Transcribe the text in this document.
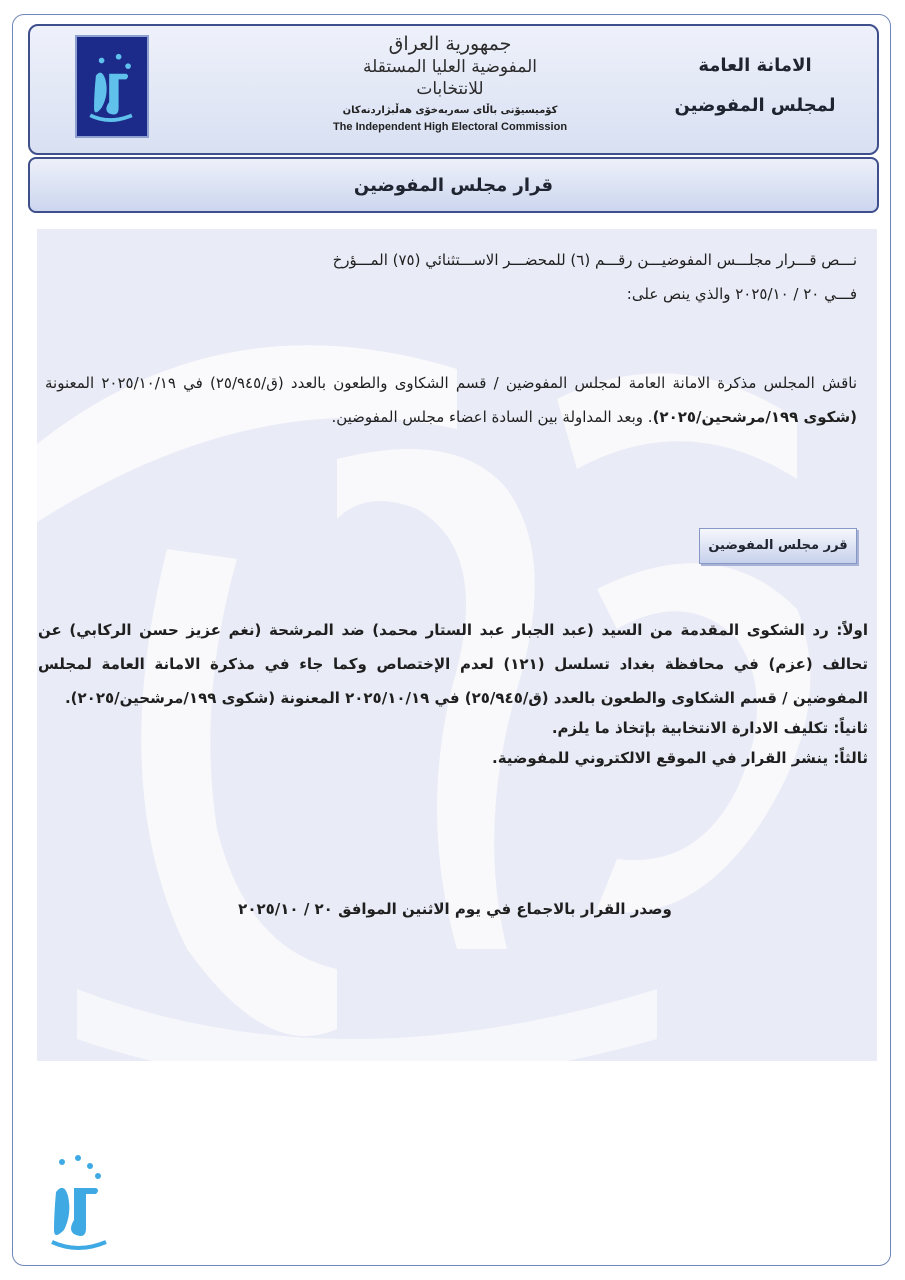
جمهورية العراق
المفوضية العليا المستقلة للانتخابات
کۆمیسیۆنی باڵای سەربەخۆی هەڵبژاردنەکان
The Independent High Electoral Commission
الامانة العامة
لمجلس المفوضين
قرار مجلس المفوضين
نـــص قـــرار مجلـــس المفوضيـــن رقـــم (٦) للمحضـــر الاســـتثنائي (٧٥) المـــؤرخ
فـــي ٢٠ / ٢٠٢٥/١٠ والذي ينص على:
ناقش المجلس مذكرة الامانة العامة لمجلس المفوضين / قسم الشكاوى والطعون بالعدد (ق/٢٥/٩٤٥) في ٢٠٢٥/١٠/١٩ المعنونة (شكوى ١٩٩/مرشحين/٢٠٢٥). وبعد المداولة بين السادة اعضاء مجلس المفوضين.
قرر مجلس المفوضين
اولاً: رد الشكوى المقدمة من السيد (عبد الجبار عبد الستار محمد) ضد المرشحة (نغم عزيز حسن الركابي) عن تحالف (عزم) في محافظة بغداد تسلسل (١٢١) لعدم الإختصاص وكما جاء في مذكرة الامانة العامة لمجلس المفوضين / قسم الشكاوى والطعون بالعدد (ق/٢٥/٩٤٥) في ٢٠٢٥/١٠/١٩ المعنونة (شكوى ١٩٩/مرشحين/٢٠٢٥).
ثانياً: تكليف الادارة الانتخابية بإتخاذ ما يلزم.
ثالثاً: ينشر القرار في الموقع الالكتروني للمفوضية.
وصدر القرار بالاجماع في يوم الاثنين الموافق ٢٠ / ٢٠٢٥/١٠
